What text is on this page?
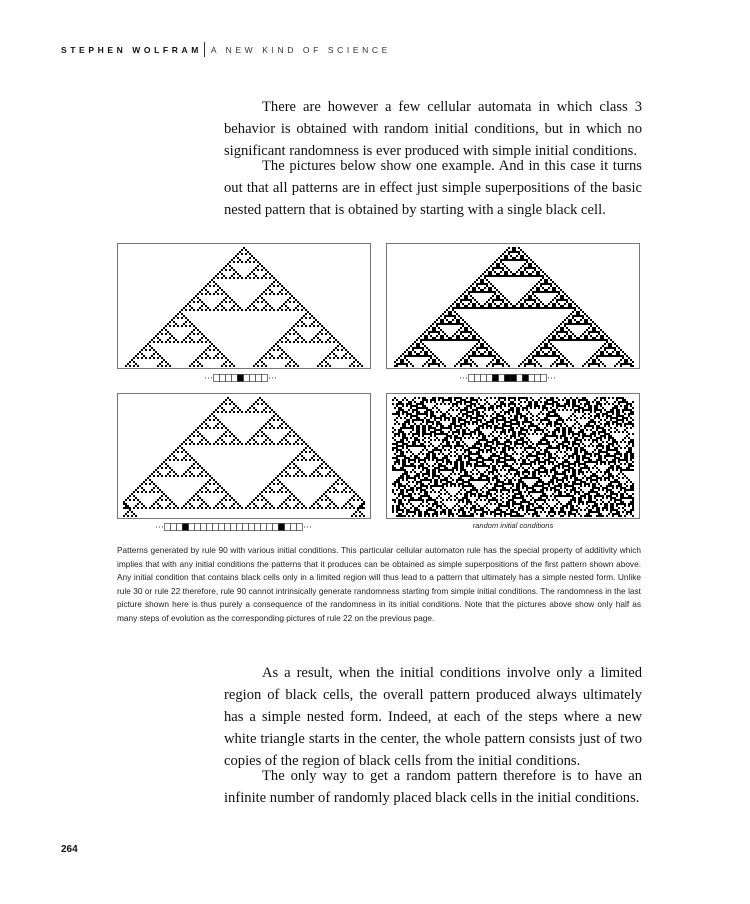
STEPHEN WOLFRAM A NEW KIND OF SCIENCE

There are however a few cellular automata in which class 3 behavior is obtained with random initial conditions, but in which no significant randomness is ever produced with simple initial conditions.

The pictures below show one example. And in this case it turns out that all patterns are in effect just simple superpositions of the basic nested pattern that is obtained by starting with a single black cell.

···	···	···	···
···	···	random initial conditions

Patterns generated by rule 90 with various initial conditions. This particular cellular automaton rule has the special property of additivity which implies that with any initial conditions the patterns that it produces can be obtained as simple superpositions of the first pattern shown above. Any initial condition that contains black cells only in a limited region will thus lead to a pattern that ultimately has a simple nested form. Unlike rule 30 or rule 22 therefore, rule 90 cannot intrinsically generate randomness starting from simple initial conditions. The randomness in the last picture shown here is thus purely a consequence of the randomness in its initial conditions. Note that the pictures above show only half as many steps of evolution as the corresponding pictures of rule 22 on the previous page.

As a result, when the initial conditions involve only a limited region of black cells, the overall pattern produced always ultimately has a simple nested form. Indeed, at each of the steps where a new white triangle starts in the center, the whole pattern consists just of two copies of the region of black cells from the initial conditions.

The only way to get a random pattern therefore is to have an infinite number of randomly placed black cells in the initial conditions.

264
